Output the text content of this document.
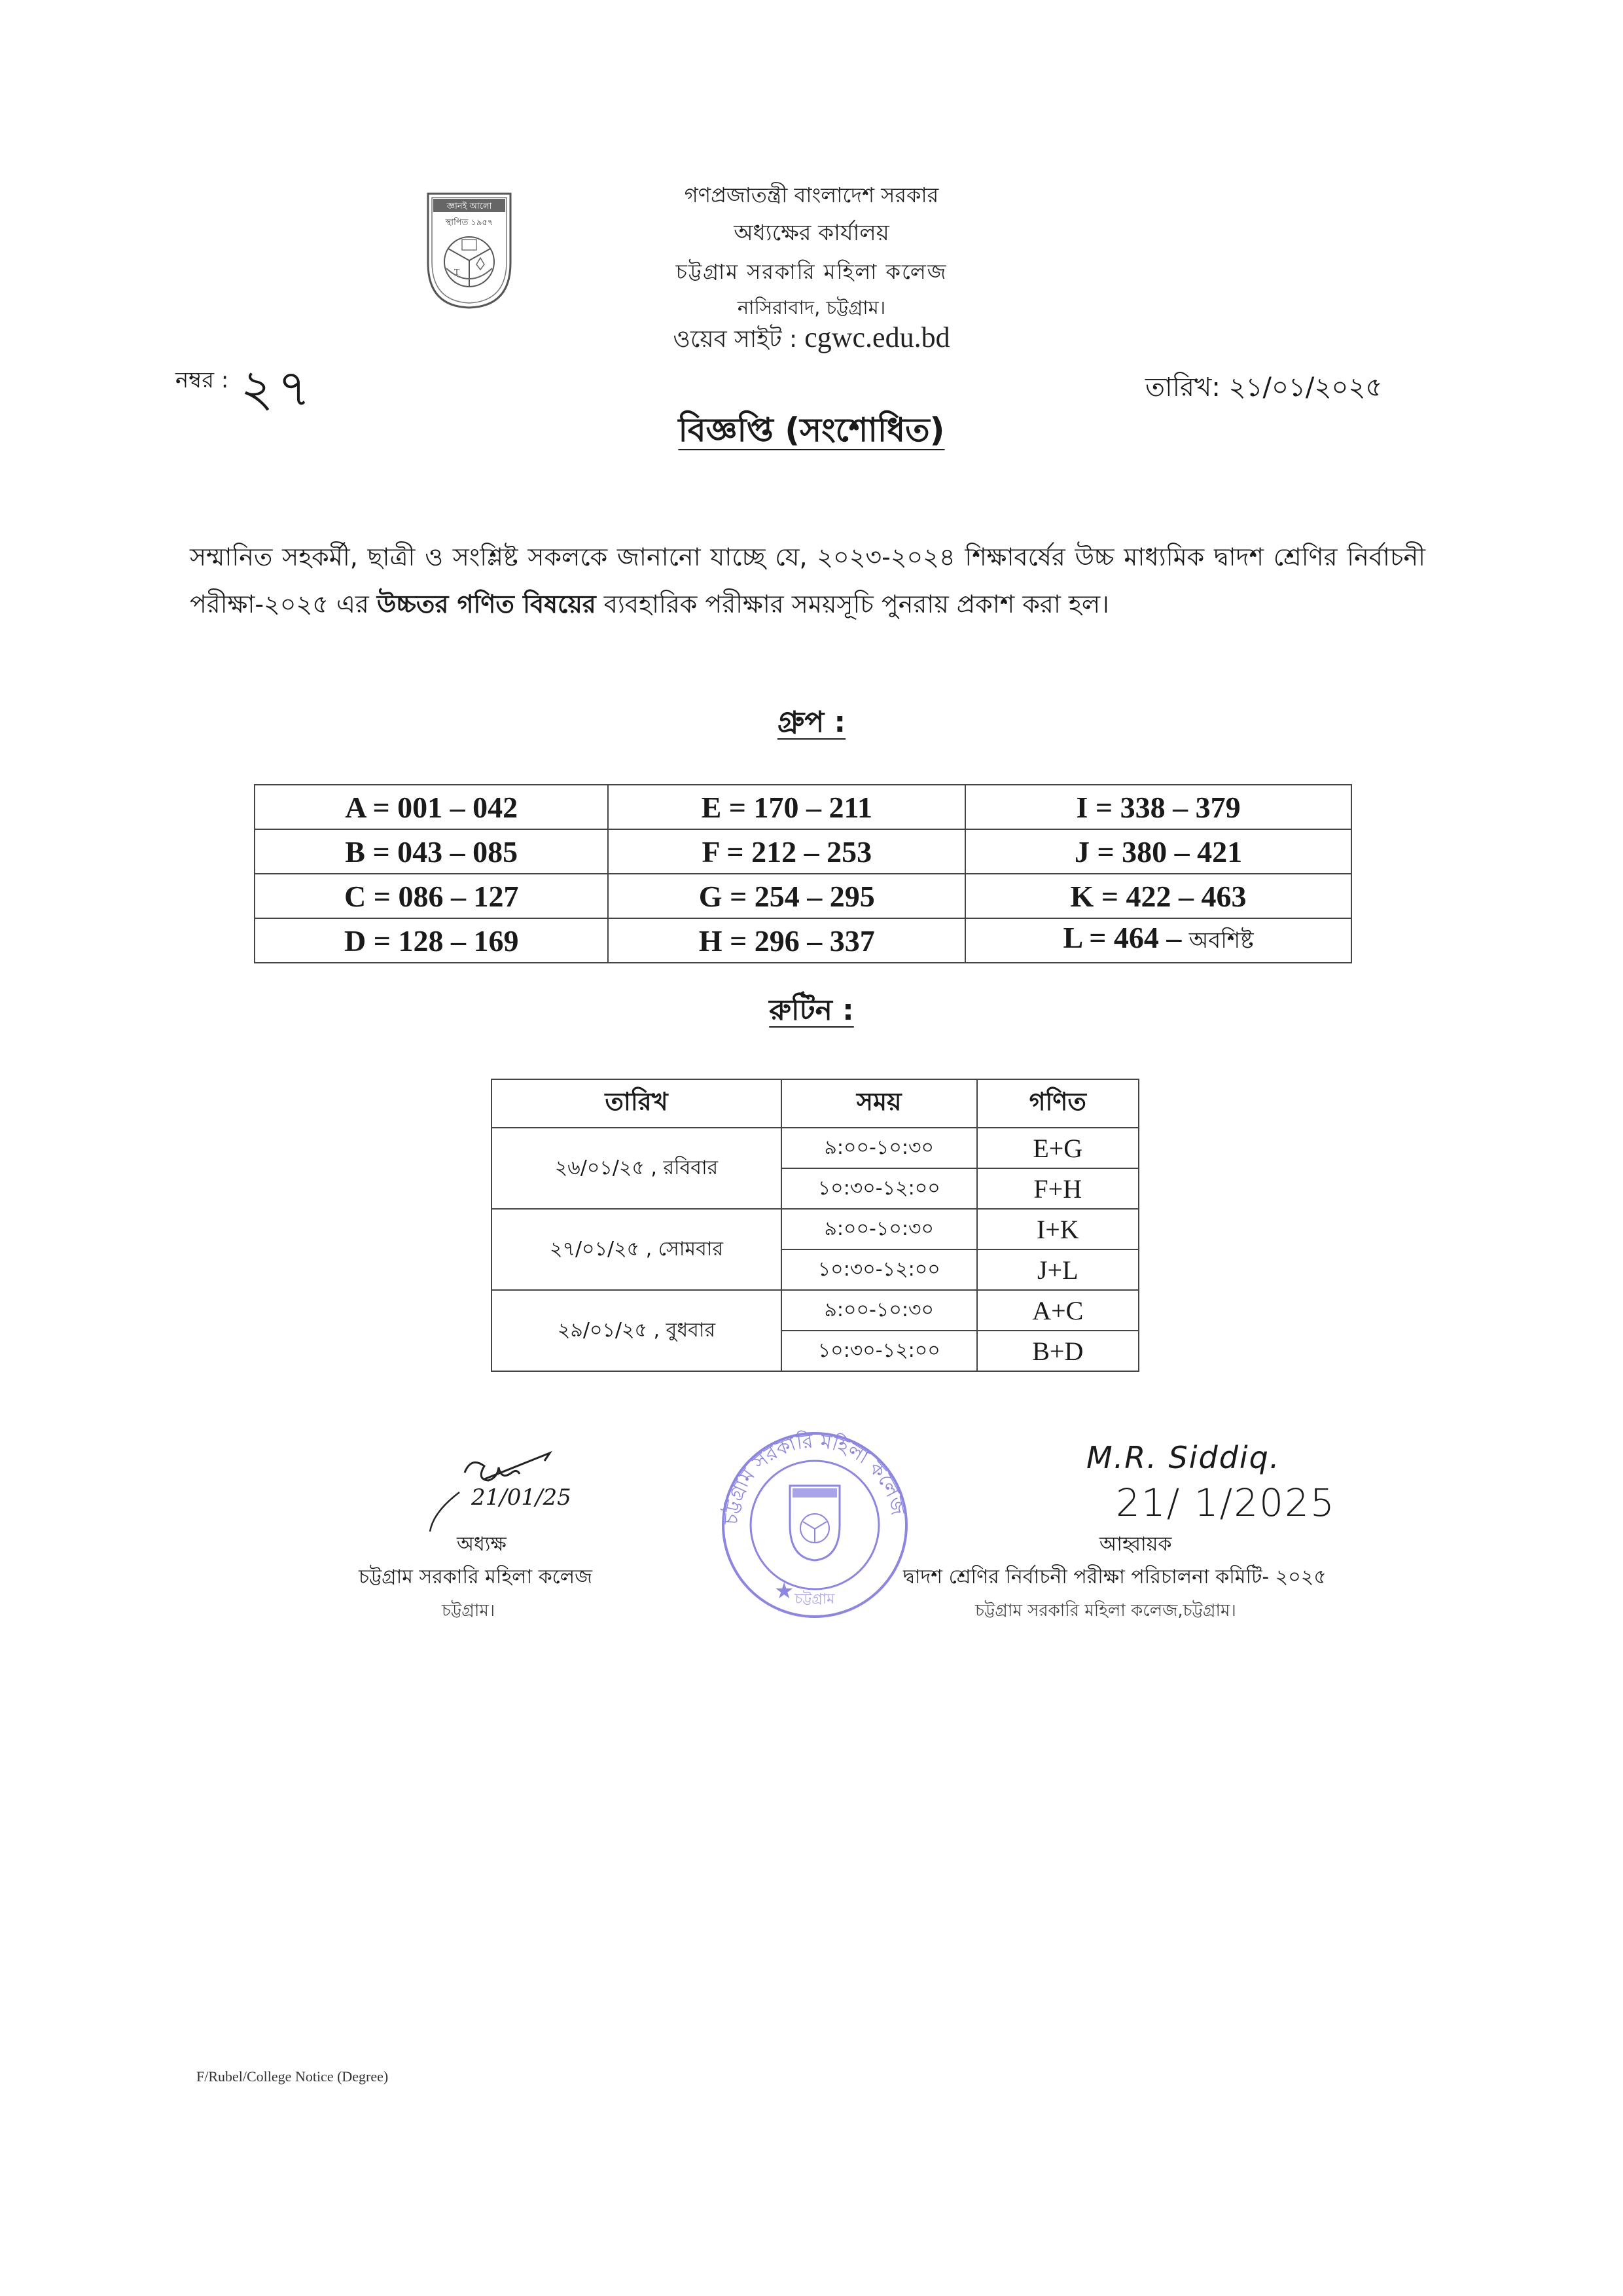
জ্ঞানই আলো
স্থাপিত ১৯৫৭
T
গণপ্রজাতন্ত্রী বাংলাদেশ সরকার
অধ্যক্ষের কার্যালয়
চট্টগ্রাম সরকারি মহিলা কলেজ
নাসিরাবাদ, চট্টগ্রাম।
ওয়েব সাইট : cgwc.edu.bd
নম্বর : ২৭	তারিখ: ২১/০১/২০২৫
বিজ্ঞপ্তি (সংশোধিত)
সম্মানিত সহকর্মী, ছাত্রী ও সংশ্লিষ্ট সকলকে জানানো যাচ্ছে যে, ২০২৩-২০২৪ শিক্ষাবর্ষের উচ্চ মাধ্যমিক দ্বাদশ শ্রেণির নির্বাচনী পরীক্ষা-২০২৫ এর উচ্চতর গণিত বিষয়ের ব্যবহারিক পরীক্ষার সময়সূচি পুনরায় প্রকাশ করা হল।
গ্রুপ :
A = 001 – 042	E = 170 – 211	I = 338 – 379
B = 043 – 085	F = 212 – 253	J = 380 – 421
C = 086 – 127	G = 254 – 295	K = 422 – 463
D = 128 – 169	H = 296 – 337	L = 464 – অবশিষ্ট
রুটিন :
তারিখ	সময়	গণিত
২৬/০১/২৫ , রবিবার	৯:০০-১০:৩০	E+G
	১০:৩০-১২:০০	F+H
২৭/০১/২৫ , সোমবার	৯:০০-১০:৩০	I+K
	১০:৩০-১২:০০	J+L
২৯/০১/২৫ , বুধবার	৯:০০-১০:৩০	A+C
	১০:৩০-১২:০০	B+D
21/01/25
অধ্যক্ষ
চট্টগ্রাম সরকারি মহিলা কলেজ
চট্টগ্রাম।
চট্টগ্রাম সরকারি মহিলা কলেজ
★ চট্টগ্রাম
M.R. Siddiq.
21/ 1/2025
আহ্বায়ক
দ্বাদশ শ্রেণির নির্বাচনী পরীক্ষা পরিচালনা কমিটি- ২০২৫
চট্টগ্রাম সরকারি মহিলা কলেজ,চট্টগ্রাম।
F/Rubel/College Notice (Degree)
